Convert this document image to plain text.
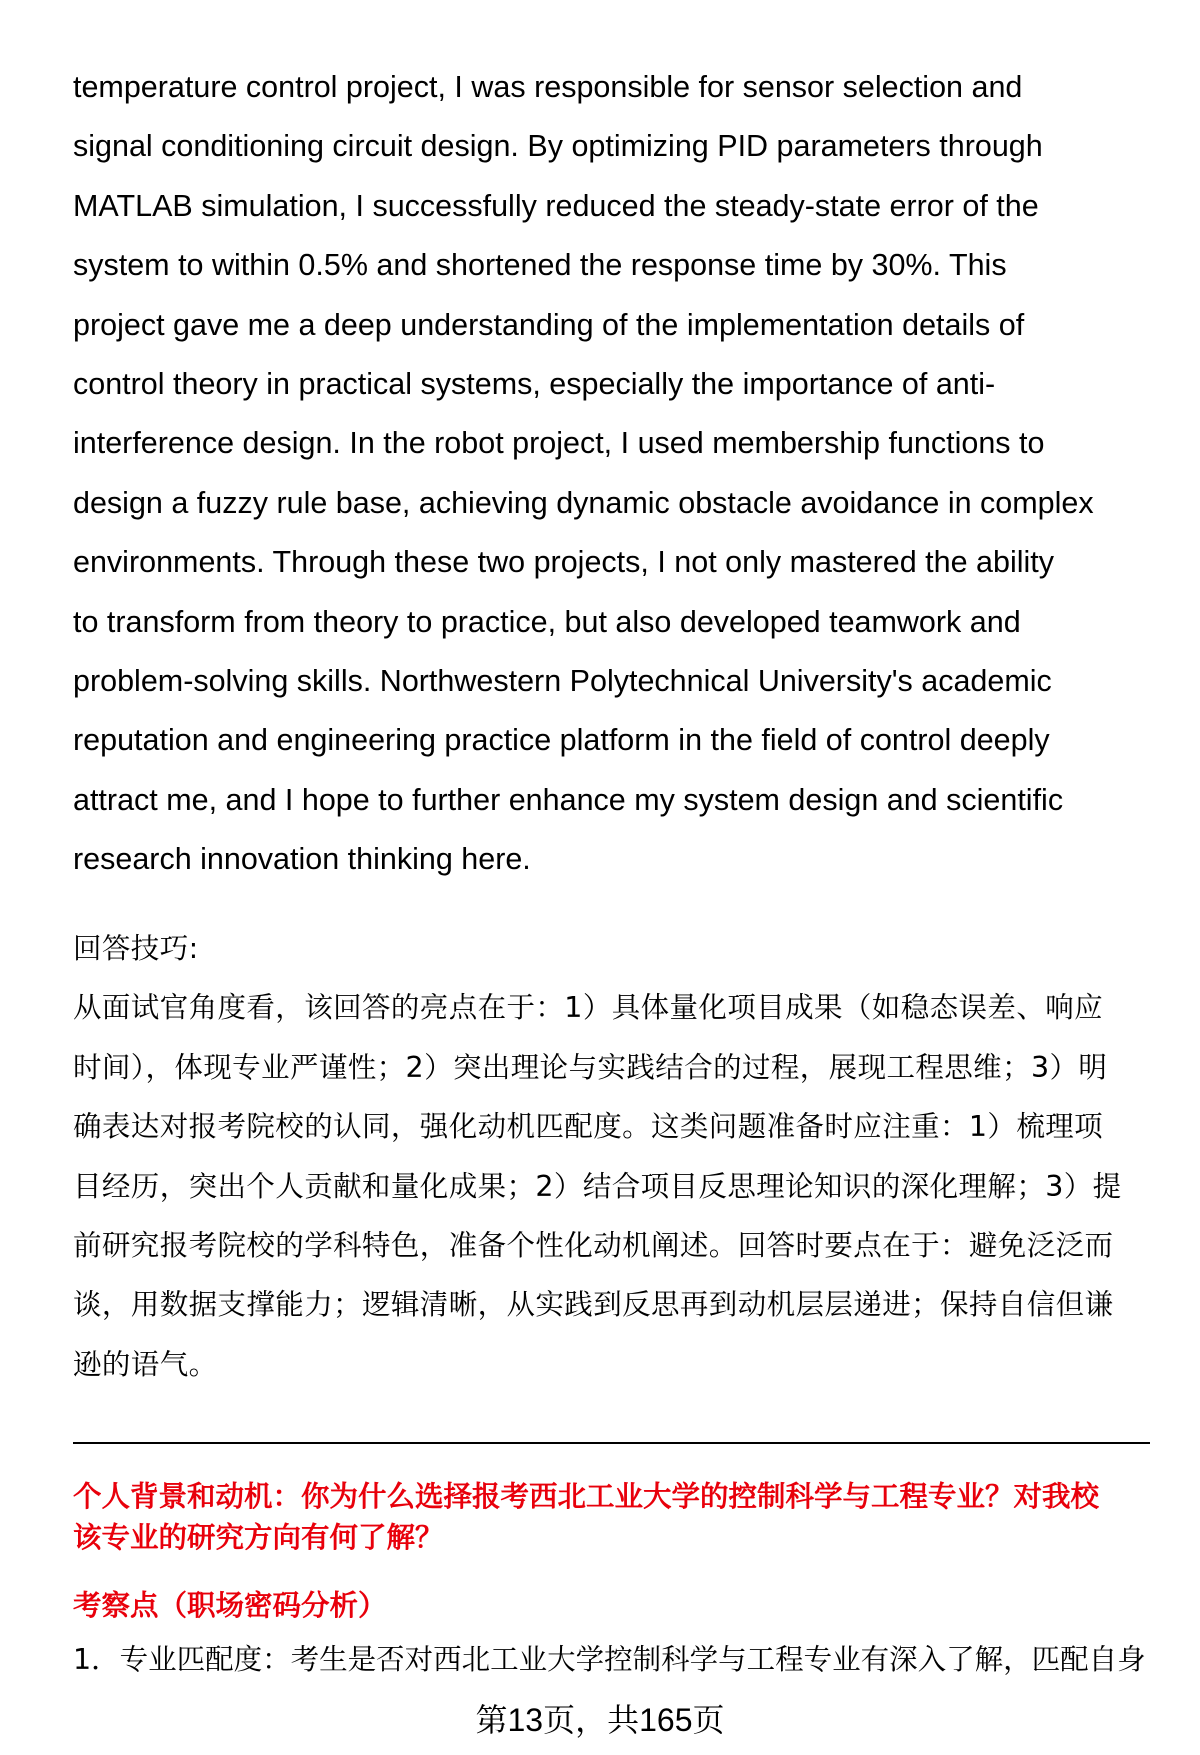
temperature control project, I was responsible for sensor selection and
signal conditioning circuit design. By optimizing PID parameters through
MATLAB simulation, I successfully reduced the steady-state error of the
system to within 0.5% and shortened the response time by 30%. This
project gave me a deep understanding of the implementation details of
control theory in practical systems, especially the importance of anti-
interference design. In the robot project, I used membership functions to
design a fuzzy rule base, achieving dynamic obstacle avoidance in complex
environments. Through these two projects, I not only mastered the ability
to transform from theory to practice, but also developed teamwork and
problem-solving skills. Northwestern Polytechnical University's academic
reputation and engineering practice platform in the field of control deeply
attract me, and I hope to further enhance my system design and scientific
research innovation thinking here.
回答技巧:
从面试官角度看，该回答的亮点在于：1）具体量化项目成果（如稳态误差、响应
时间），体现专业严谨性；2）突出理论与实践结合的过程，展现工程思维；3）明
确表达对报考院校的认同，强化动机匹配度。这类问题准备时应注重：1）梳理项
目经历，突出个人贡献和量化成果；2）结合项目反思理论知识的深化理解；3）提
前研究报考院校的学科特色，准备个性化动机阐述。回答时要点在于：避免泛泛而
谈，用数据支撑能力；逻辑清晰，从实践到反思再到动机层层递进；保持自信但谦
逊的语气。
个人背景和动机：你为什么选择报考西北工业大学的控制科学与工程专业？对我校
该专业的研究方向有何了解？
考察点（职场密码分析）
1．专业匹配度：考生是否对西北工业大学控制科学与工程专业有深入了解，匹配自身
第13页，共165页
